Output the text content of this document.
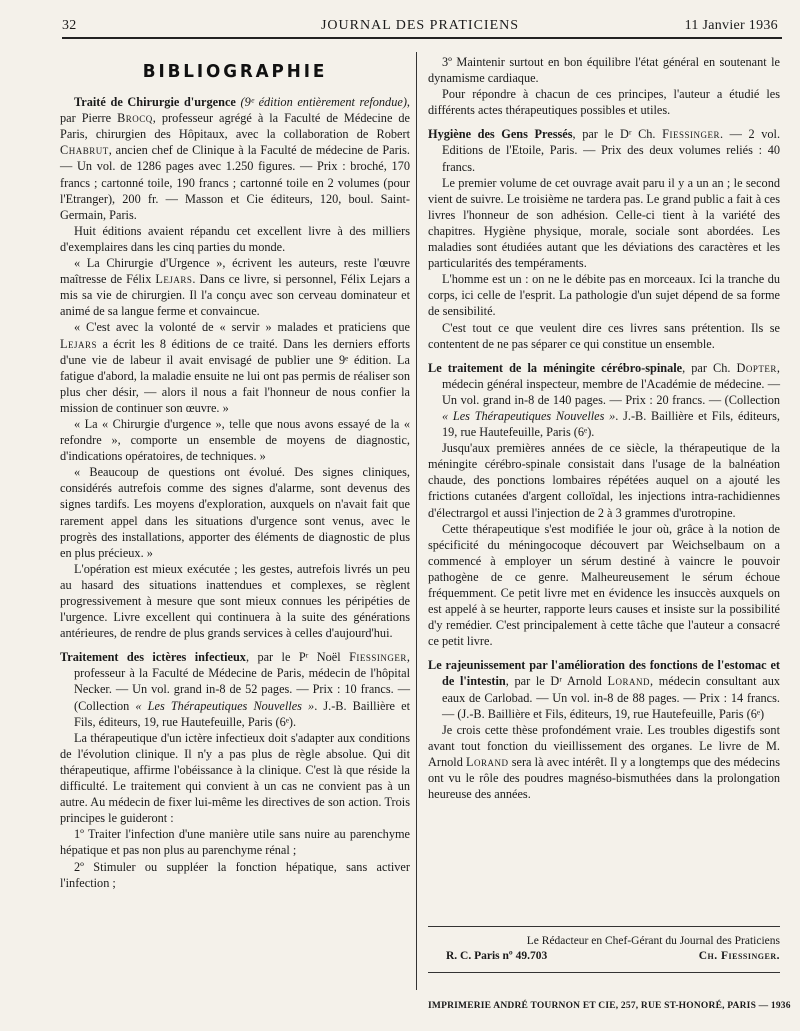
32	JOURNAL DES PRATICIENS	11 Janvier 1936
BIBLIOGRAPHIE

Traité de Chirurgie d'urgence (9ᵉ édition entièrement refondue), par Pierre Brocq, professeur agrégé à la Faculté de Médecine de Paris, chirurgien des Hôpitaux, avec la collaboration de Robert Chabrut, ancien chef de Clinique à la Faculté de médecine de Paris. — Un vol. de 1286 pages avec 1.250 figures. — Prix : broché, 170 francs ; cartonné toile, 190 francs ; cartonné toile en 2 volumes (pour l'Etranger), 200 fr. — Masson et Cie éditeurs, 120, boul. Saint-Germain, Paris.

Huit éditions avaient répandu cet excellent livre à des milliers d'exemplaires dans les cinq parties du monde.

« La Chirurgie d'Urgence », écrivent les auteurs, reste l'œuvre maîtresse de Félix Lejars. Dans ce livre, si personnel, Félix Lejars a mis sa vie de chirurgien. Il l'a conçu avec son cerveau dominateur et animé de sa langue ferme et convaincue.

« C'est avec la volonté de « servir » malades et praticiens que Lejars a écrit les 8 éditions de ce traité. Dans les derniers efforts d'une vie de labeur il avait envisagé de publier une 9ᵉ édition. La fatigue d'abord, la maladie ensuite ne lui ont pas permis de réaliser son plus cher désir, — alors il nous a fait l'honneur de nous confier la mission de continuer son œuvre. »

« La « Chirurgie d'urgence », telle que nous avons essayé de la « refondre », comporte un ensemble de moyens de diagnostic, d'indications opératoires, de techniques. »

« Beaucoup de questions ont évolué. Des signes cliniques, considérés autrefois comme des signes d'alarme, sont devenus des signes tardifs. Les moyens d'exploration, auxquels on n'avait fait que rarement appel dans les situations d'urgence sont venus, avec le progrès des installations, apporter des éléments de diagnostic de plus en plus précieux. »

L'opération est mieux exécutée ; les gestes, autrefois livrés un peu au hasard des situations inattendues et complexes, se règlent progressivement à mesure que sont mieux connues les péripéties de l'urgence. Livre excellent qui continuera à la suite des générations antérieures, de rendre de plus grands services à celles d'aujourd'hui.

Traitement des ictères infectieux, par le Pʳ Noël Fiessinger, professeur à la Faculté de Médecine de Paris, médecin de l'hôpital Necker. — Un vol. grand in-8 de 52 pages. — Prix : 10 francs. — (Collection « Les Thérapeutiques Nouvelles ». J.-B. Baillière et Fils, éditeurs, 19, rue Hautefeuille, Paris (6ᵉ).

La thérapeutique d'un ictère infectieux doit s'adapter aux conditions de l'évolution clinique. Il n'y a pas plus de règle absolue. Qui dit thérapeutique, affirme l'obéissance à la clinique. C'est là que réside la difficulté. Le traitement qui convient à un cas ne convient pas à un autre. Au médecin de fixer lui-même les directives de son action. Trois principes le guideront :

1º Traiter l'infection d'une manière utile sans nuire au parenchyme hépatique et pas non plus au parenchyme rénal ;

2º Stimuler ou suppléer la fonction hépatique, sans activer l'infection ;

3º Maintenir surtout en bon équilibre l'état général en soutenant le dynamisme cardiaque.

Pour répondre à chacun de ces principes, l'auteur a étudié les différents actes thérapeutiques possibles et utiles.

Hygiène des Gens Pressés, par le Dʳ Ch. Fiessinger. — 2 vol. Editions de l'Etoile, Paris. — Prix des deux volumes reliés : 40 francs.

Le premier volume de cet ouvrage avait paru il y a un an ; le second vient de suivre. Le troisième ne tardera pas. Le grand public a fait à ces livres l'honneur de son adhésion. Celle-ci tient à la variété des chapitres. Hygiène physique, morale, sociale sont abordées. Les maladies sont étudiées autant que les déviations des caractères et les particularités des tempéraments.

L'homme est un : on ne le débite pas en morceaux. Ici la tranche du corps, ici celle de l'esprit. La pathologie d'un sujet dépend de sa forme de sensibilité.

C'est tout ce que veulent dire ces livres sans prétention. Ils se contentent de ne pas séparer ce qui constitue un ensemble.

Le traitement de la méningite cérébro-spinale, par Ch. Dopter, médecin général inspecteur, membre de l'Académie de médecine. — Un vol. grand in-8 de 140 pages. — Prix : 20 francs. — (Collection « Les Thérapeutiques Nouvelles ». J.-B. Baillière et Fils, éditeurs, 19, rue Hautefeuille, Paris (6ᵉ).

Jusqu'aux premières années de ce siècle, la thérapeutique de la méningite cérébro-spinale consistait dans l'usage de la balnéation chaude, des ponctions lombaires répétées auquel on a ajouté les frictions cutanées d'argent colloïdal, les injections intra-rachidiennes d'électrargol et aussi l'injection de 2 à 3 grammes d'urotropine.

Cette thérapeutique s'est modifiée le jour où, grâce à la notion de spécificité du méningocoque découvert par Weichselbaum on a commencé à employer un sérum destiné à vaincre le pouvoir pathogène de ce genre. Malheureusement le sérum échoue fréquemment. Ce petit livre met en évidence les insuccès auxquels on est appelé à se heurter, rapporte leurs causes et insiste sur la possibilité d'y remédier. C'est principalement à cette tâche que l'auteur a consacré ce petit livre.

Le rajeunissement par l'amélioration des fonctions de l'estomac et de l'intestin, par le Dʳ Arnold Lorand, médecin consultant aux eaux de Carlobad. — Un vol. in-8 de 88 pages. — Prix : 14 francs. — (J.-B. Baillière et Fils, éditeurs, 19, rue Hautefeuille, Paris (6ᵉ)

Je crois cette thèse profondément vraie. Les troubles digestifs sont avant tout fonction du vieillissement des organes. Le livre de M. Arnold Lorand sera là avec intérêt. Il y a longtemps que des médecins ont vu le rôle des poudres magnéso-bismuthées dans la prolongation heureuse des années.

Le Rédacteur en Chef-Gérant du Journal des Praticiens
R. C. Paris nº 49.703	Ch. Fiessinger.
IMPRIMERIE ANDRÉ TOURNON ET CIE, 257, RUE ST-HONORÉ, PARIS — 1936
